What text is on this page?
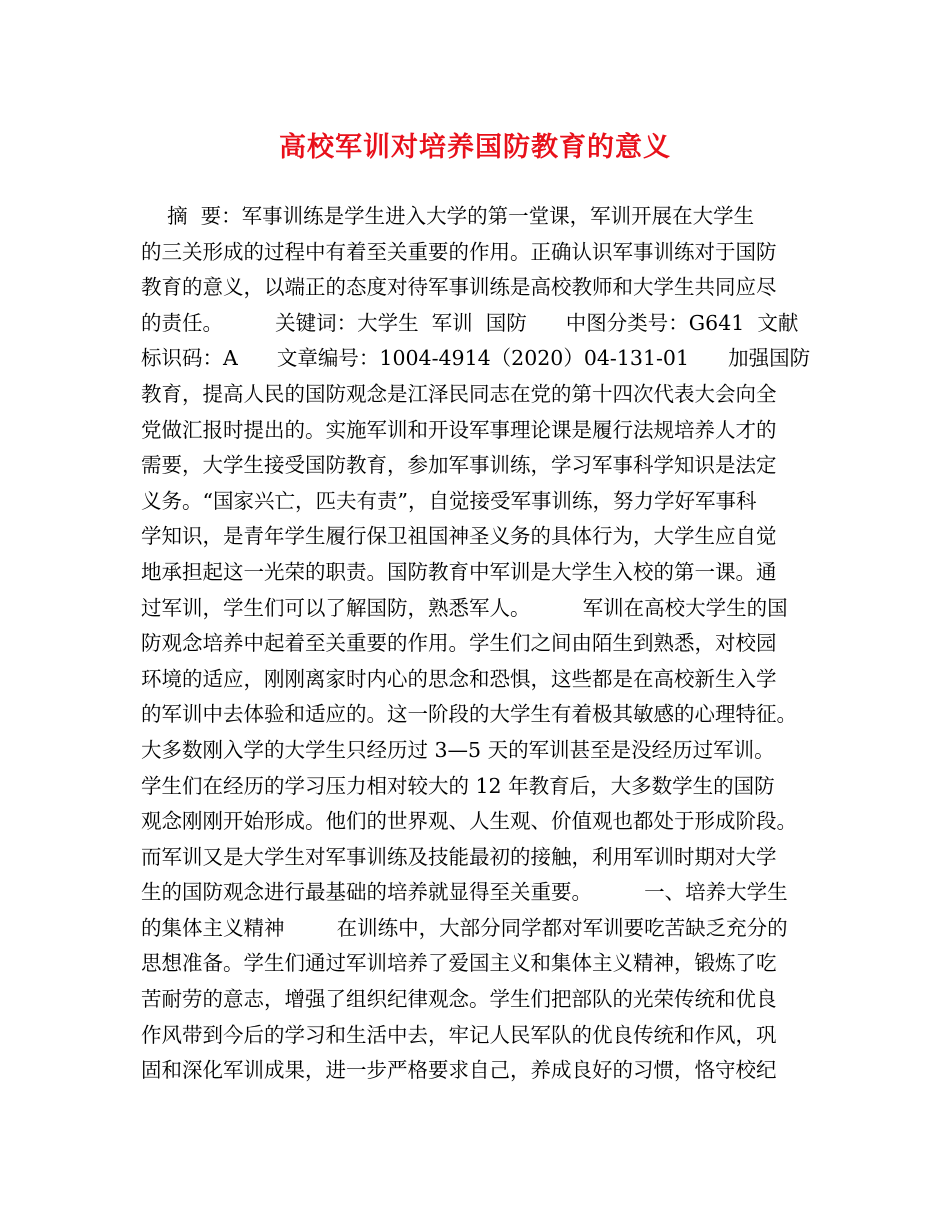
高校军训对培养国防教育的意义
摘  要：军事训练是学生进入大学的第一堂课，军训开展在大学生
的三关形成的过程中有着至关重要的作用。正确认识军事训练对于国防
教育的意义，以端正的态度对待军事训练是高校教师和大学生共同应尽
的责任。        关键词：大学生  军训  国防      中图分类号：G641  文献
标识码：A      文章编号：1004-4914（2020）04-131-01      加强国防
教育，提高人民的国防观念是江泽民同志在党的第十四次代表大会向全
党做汇报时提出的。实施军训和开设军事理论课是履行法规培养人才的
需要，大学生接受国防教育，参加军事训练，学习军事科学知识是法定
义务。“国家兴亡，匹夫有责”，自觉接受军事训练，努力学好军事科
学知识，是青年学生履行保卫祖国神圣义务的具体行为，大学生应自觉
地承担起这一光荣的职责。国防教育中军训是大学生入校的第一课。通
过军训，学生们可以了解国防，熟悉军人。        军训在高校大学生的国
防观念培养中起着至关重要的作用。学生们之间由陌生到熟悉，对校园
环境的适应，刚刚离家时内心的思念和恐惧，这些都是在高校新生入学
的军训中去体验和适应的。这一阶段的大学生有着极其敏感的心理特征。
大多数刚入学的大学生只经历过 3—5 天的军训甚至是没经历过军训。
学生们在经历的学习压力相对较大的 12 年教育后，大多数学生的国防
观念刚刚开始形成。他们的世界观、人生观、价值观也都处于形成阶段。
而军训又是大学生对军事训练及技能最初的接触，利用军训时期对大学
生的国防观念进行最基础的培养就显得至关重要。        一、培养大学生
的集体主义精神        在训练中，大部分同学都对军训要吃苦缺乏充分的
思想准备。学生们通过军训培养了爱国主义和集体主义精神，锻炼了吃
苦耐劳的意志，增强了组织纪律观念。学生们把部队的光荣传统和优良
作风带到今后的学习和生活中去，牢记人民军队的优良传统和作风，巩
固和深化军训成果，进一步严格要求自己，养成良好的习惯，恪守校纪
